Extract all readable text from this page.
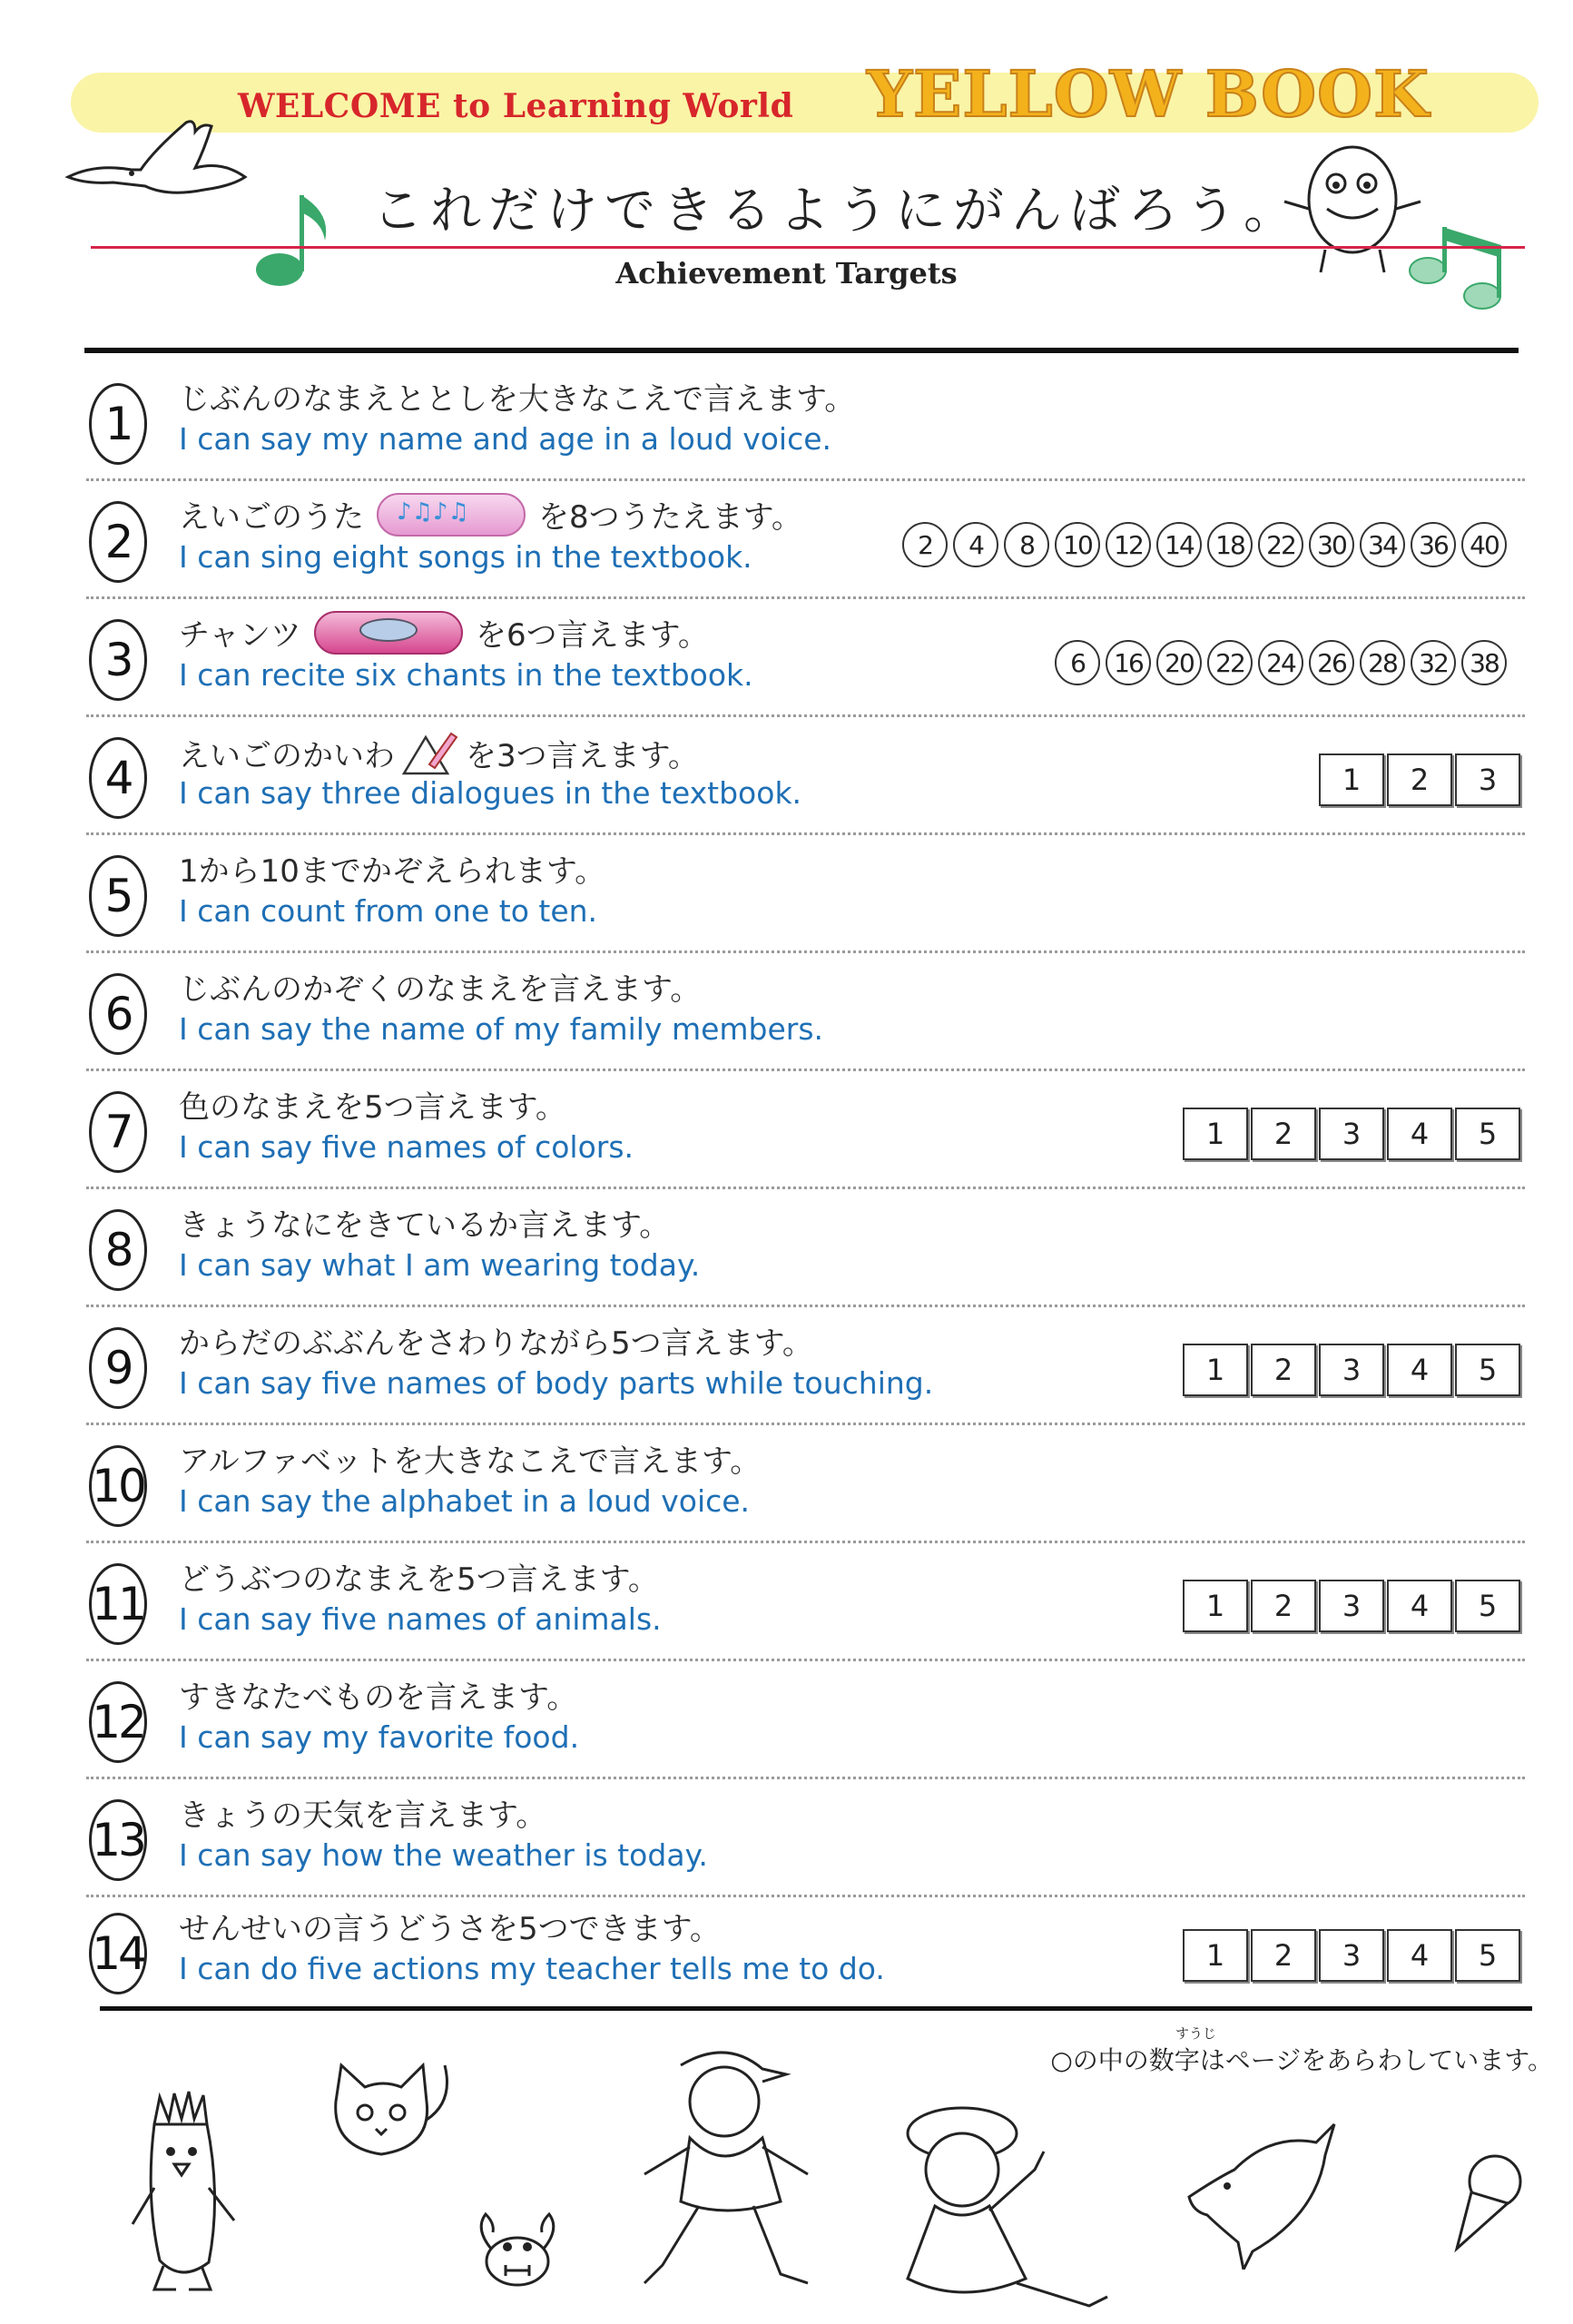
WELCOME to Learning World YELLOW BOOK
これだけできるようにがんばろう。
Achievement Targets
1	じぶんのなまえととしを大きなこえで言えます。
I can say my name and age in a loud voice.
2	えいごのうた ♪♫♪♫ を8つうたえます。
I can sing eight songs in the textbook.	2	4	8	10 12 14 18 22 30 34 36 40
3	チャンツ	を6つ言えます。
I can recite six chants in the textbook.	6	16 20 22 24 26 28 32 38
4	えいごのかいわ を3つ言えます。
I can say three dialogues in the textbook.	1	2	3
5	1から10までかぞえられます。
I can count from one to ten.
6	じぶんのかぞくのなまえを言えます。
I can say the name of my family members.
7	色のなまえを5つ言えます。
I can say five names of colors.	1	2	3	4	5
8	きょうなにをきているか言えます。
I can say what I am wearing today.
9	からだのぶぶんをさわりながら5つ言えます。
I can say five names of body parts while touching.	1	2	3	4	5
10 アルファベットを大きなこえで言えます。
I can say the alphabet in a loud voice.
11 どうぶつのなまえを5つ言えます。
I can say five names of animals.	1	2	3	4	5
12 すきなたべものを言えます。
I can say my favorite food.
13 きょうの天気を言えます。
I can say how the weather is today.
14 せんせいの言うどうさを5つできます。
I can do five actions my teacher tells me to do.	1	2	3	4	5
すうじ
○の中の数字はページをあらわしています。
